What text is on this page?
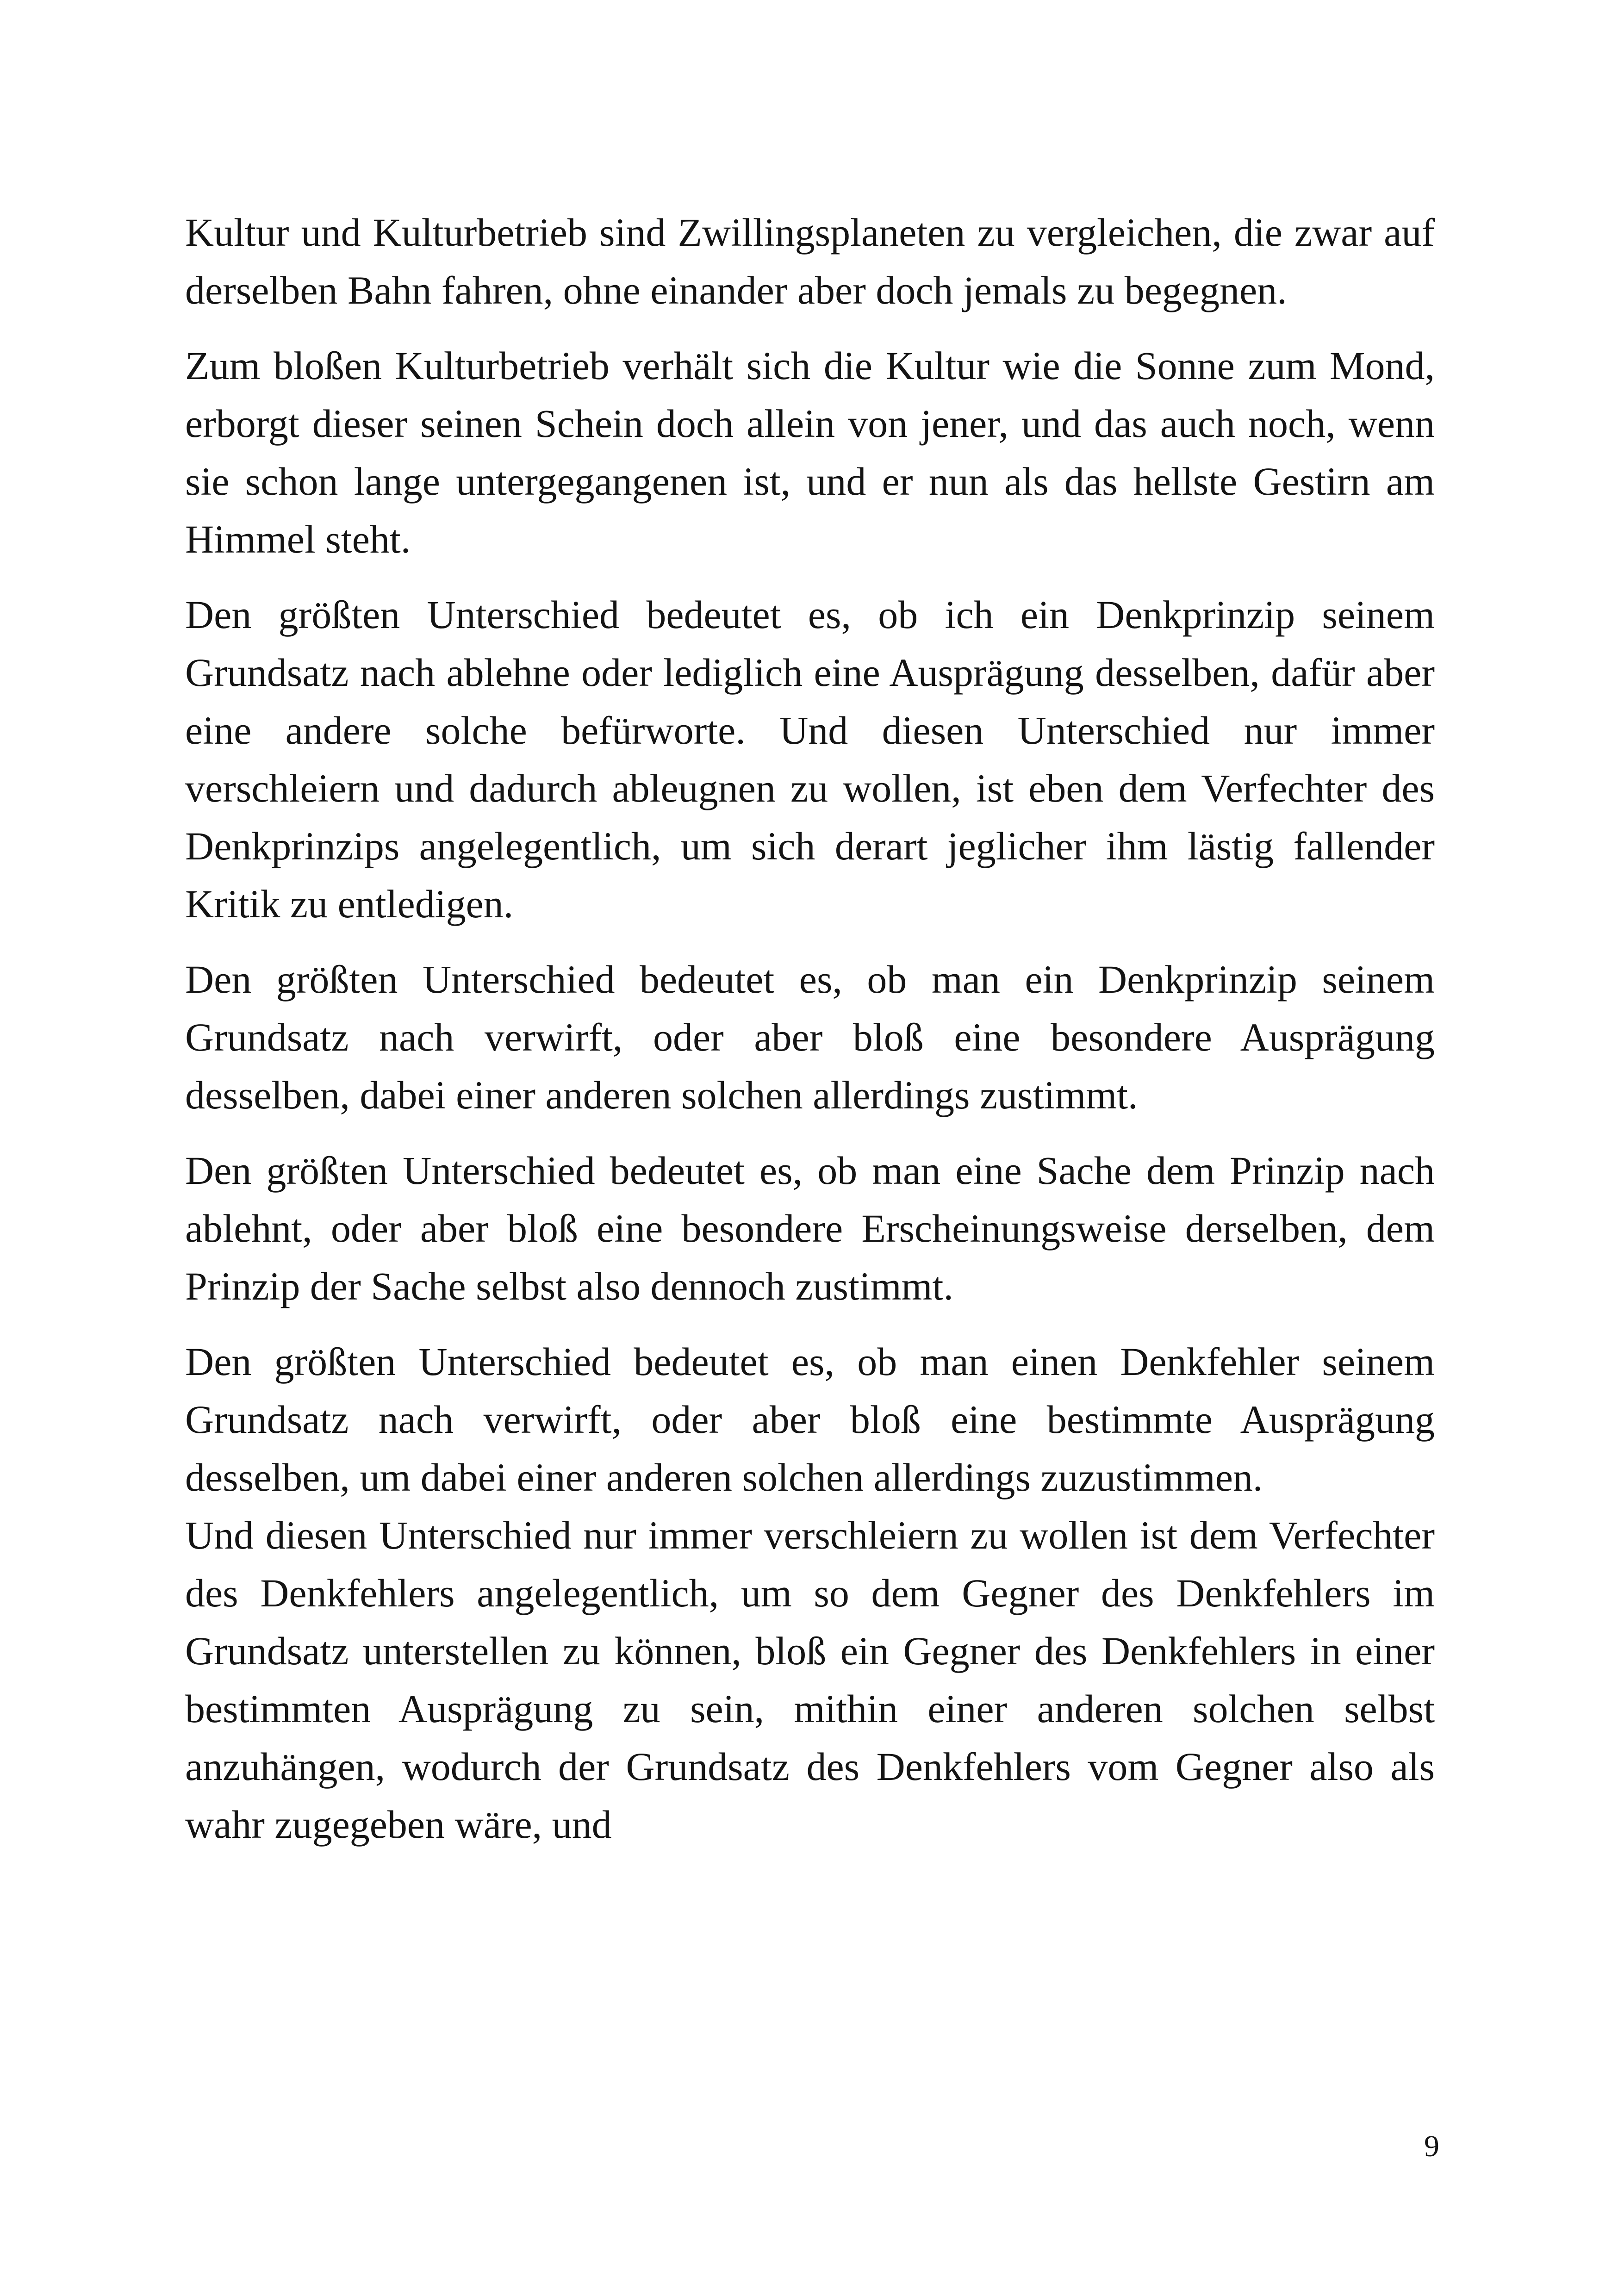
Kultur und Kulturbetrieb sind Zwillingsplaneten zu vergleichen, die zwar auf derselben Bahn fahren, ohne einander aber doch jemals zu begegnen.

Zum bloßen Kulturbetrieb verhält sich die Kultur wie die Sonne zum Mond, erborgt dieser seinen Schein doch allein von jener, und das auch noch, wenn sie schon lange untergegangenen ist, und er nun als das hellste Gestirn am Himmel steht.

Den größten Unterschied bedeutet es, ob ich ein Denkprinzip seinem Grundsatz nach ablehne oder lediglich eine Ausprägung desselben, dafür aber eine andere solche befürworte. Und diesen Unterschied nur immer verschleiern und dadurch ableugnen zu wollen, ist eben dem Verfechter des Denkprinzips angelegentlich, um sich derart jeglicher ihm lästig fallender Kritik zu entledigen.

Den größten Unterschied bedeutet es, ob man ein Denkprinzip seinem Grundsatz nach verwirft, oder aber bloß eine besondere Ausprägung desselben, dabei einer anderen solchen allerdings zustimmt.

Den größten Unterschied bedeutet es, ob man eine Sache dem Prinzip nach ablehnt, oder aber bloß eine besondere Erscheinungsweise derselben, dem Prinzip der Sache selbst also dennoch zustimmt.

Den größten Unterschied bedeutet es, ob man einen Denkfehler seinem Grundsatz nach verwirft, oder aber bloß eine bestimmte Ausprägung desselben, um dabei einer anderen solchen allerdings zuzustimmen.

Und diesen Unterschied nur immer verschleiern zu wollen ist dem Verfechter des Denkfehlers angelegentlich, um so dem Gegner des Denkfehlers im Grundsatz unterstellen zu können, bloß ein Gegner des Denkfehlers in einer bestimmten Ausprägung zu sein, mithin einer anderen solchen selbst anzuhängen, wodurch der Grundsatz des Denkfehlers vom Gegner also als wahr zugegeben wäre, und

9
